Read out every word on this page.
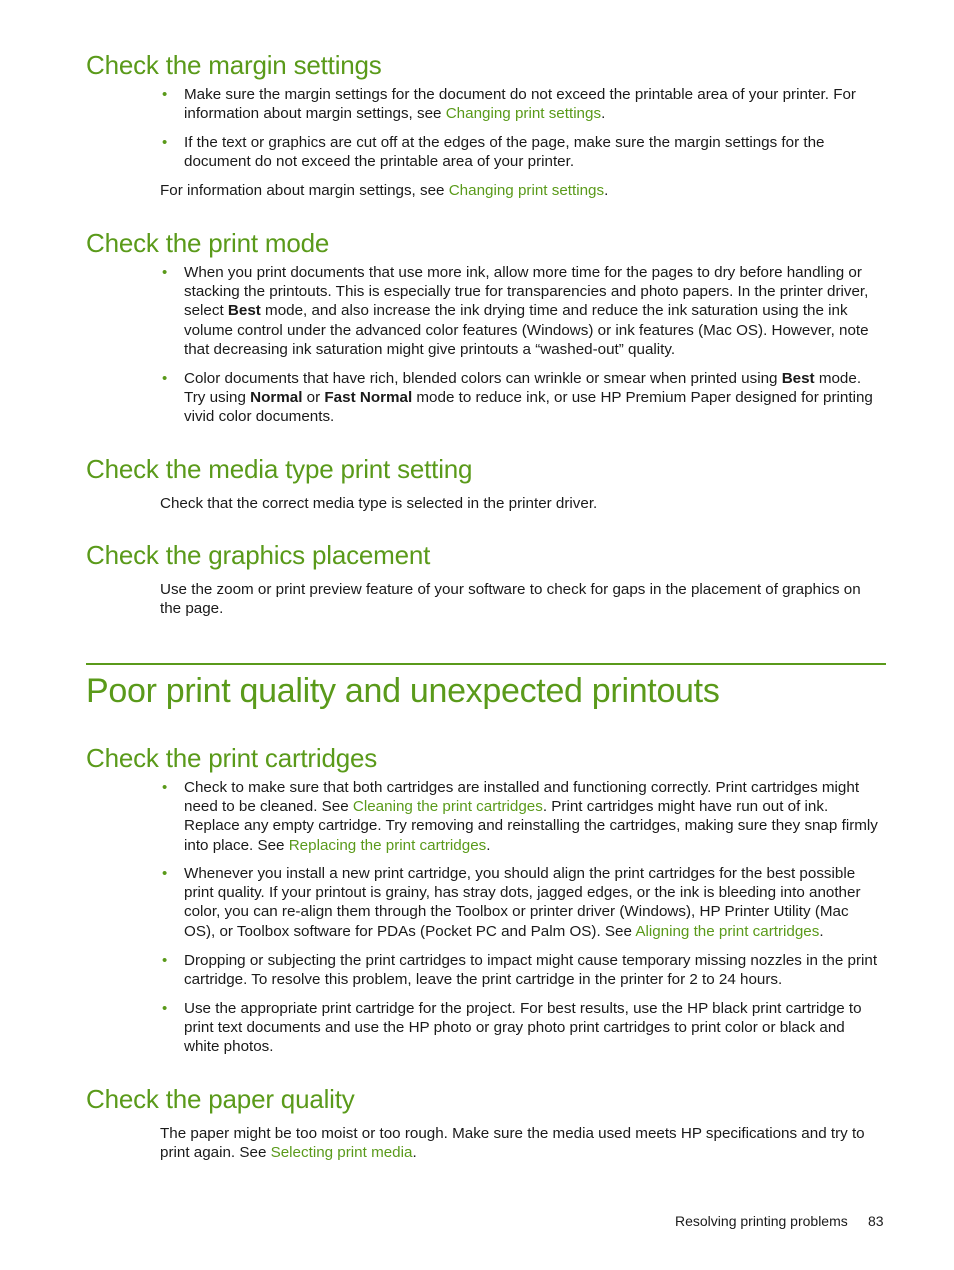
Check the margin settings
• Make sure the margin settings for the document do not exceed the printable area of your printer. For information about margin settings, see Changing print settings.
• If the text or graphics are cut off at the edges of the page, make sure the margin settings for the document do not exceed the printable area of your printer.
For information about margin settings, see Changing print settings.
Check the print mode
• When you print documents that use more ink, allow more time for the pages to dry before handling or stacking the printouts. This is especially true for transparencies and photo papers. In the printer driver, select Best mode, and also increase the ink drying time and reduce the ink saturation using the ink volume control under the advanced color features (Windows) or ink features (Mac OS). However, note that decreasing ink saturation might give printouts a “washed-out” quality.
• Color documents that have rich, blended colors can wrinkle or smear when printed using Best mode. Try using Normal or Fast Normal mode to reduce ink, or use HP Premium Paper designed for printing vivid color documents.
Check the media type print setting
Check that the correct media type is selected in the printer driver.
Check the graphics placement
Use the zoom or print preview feature of your software to check for gaps in the placement of graphics on the page.
Poor print quality and unexpected printouts
Check the print cartridges
• Check to make sure that both cartridges are installed and functioning correctly. Print cartridges might need to be cleaned. See Cleaning the print cartridges. Print cartridges might have run out of ink. Replace any empty cartridge. Try removing and reinstalling the cartridges, making sure they snap firmly into place. See Replacing the print cartridges.
• Whenever you install a new print cartridge, you should align the print cartridges for the best possible print quality. If your printout is grainy, has stray dots, jagged edges, or the ink is bleeding into another color, you can re-align them through the Toolbox or printer driver (Windows), HP Printer Utility (Mac OS), or Toolbox software for PDAs (Pocket PC and Palm OS). See Aligning the print cartridges.
• Dropping or subjecting the print cartridges to impact might cause temporary missing nozzles in the print cartridge. To resolve this problem, leave the print cartridge in the printer for 2 to 24 hours.
• Use the appropriate print cartridge for the project. For best results, use the HP black print cartridge to print text documents and use the HP photo or gray photo print cartridges to print color or black and white photos.
Check the paper quality
The paper might be too moist or too rough. Make sure the media used meets HP specifications and try to print again. See Selecting print media.
Resolving printing problems 83
